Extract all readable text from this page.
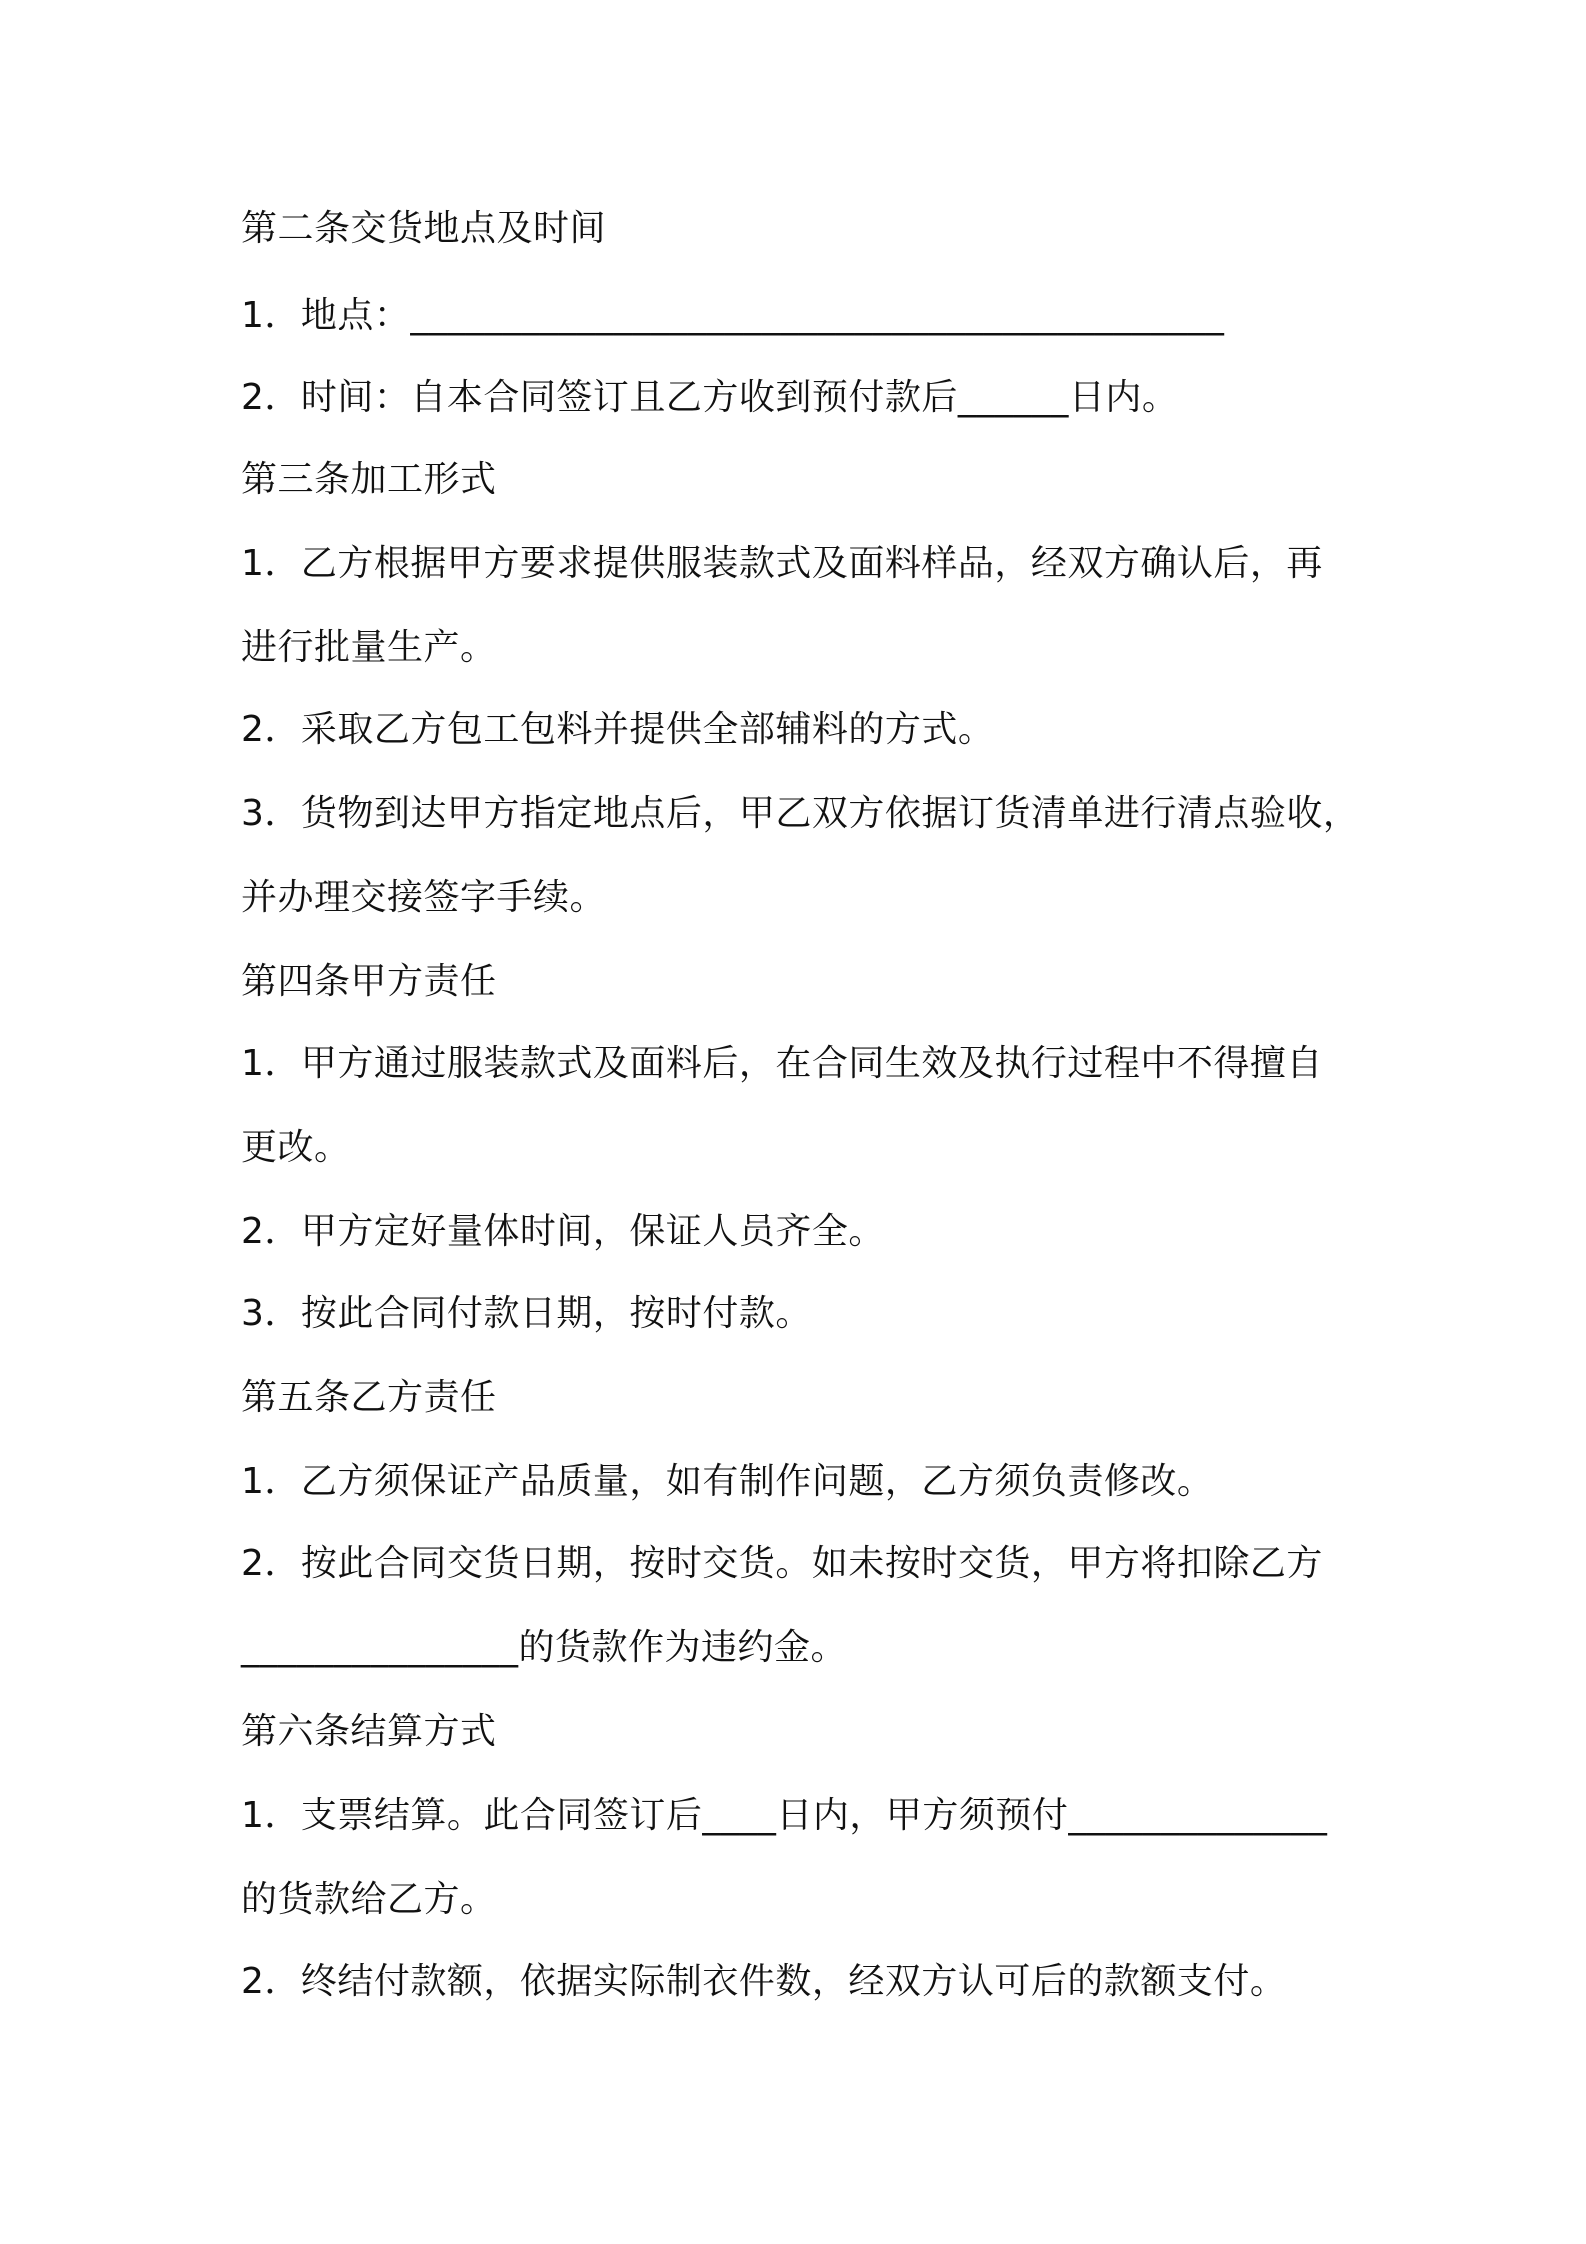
第二条交货地点及时间
1．地点：____________________________________________
2．时间：自本合同签订且乙方收到预付款后______日内。
第三条加工形式
1．乙方根据甲方要求提供服装款式及面料样品，经双方确认后，再
进行批量生产。
2．采取乙方包工包料并提供全部辅料的方式。
3．货物到达甲方指定地点后，甲乙双方依据订货清单进行清点验收，
并办理交接签字手续。
第四条甲方责任
1．甲方通过服装款式及面料后，在合同生效及执行过程中不得擅自
更改。
2．甲方定好量体时间，保证人员齐全。
3．按此合同付款日期，按时付款。
第五条乙方责任
1．乙方须保证产品质量，如有制作问题，乙方须负责修改。
2．按此合同交货日期，按时交货。如未按时交货，甲方将扣除乙方
_______________的货款作为违约金。
第六条结算方式
1．支票结算。此合同签订后____日内，甲方须预付______________
的货款给乙方。
2．终结付款额，依据实际制衣件数，经双方认可后的款额支付。
